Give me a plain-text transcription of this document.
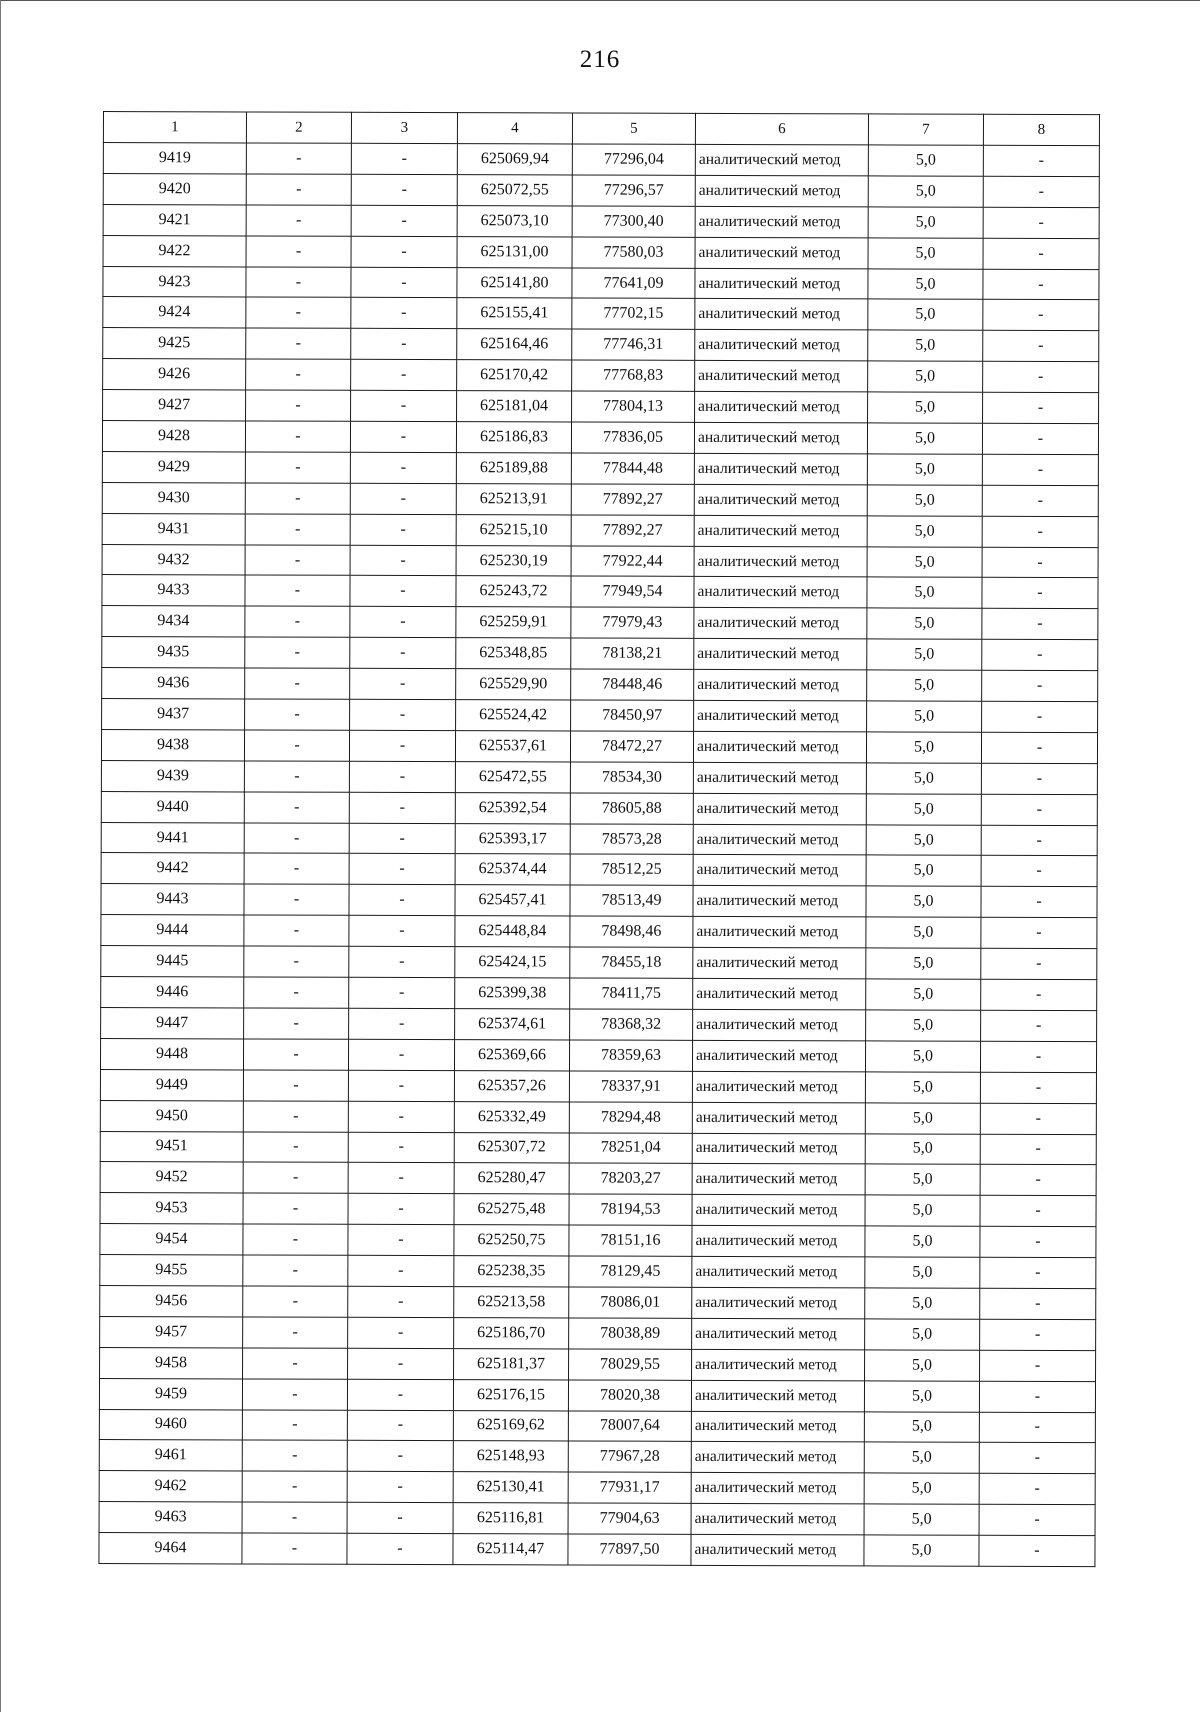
216
1	2	3	4	5	6	7	8
9419	-	-	625069,94	77296,04	аналитический метод	5,0	-
9420	-	-	625072,55	77296,57	аналитический метод	5,0	-
9421	-	-	625073,10	77300,40	аналитический метод	5,0	-
9422	-	-	625131,00	77580,03	аналитический метод	5,0	-
9423	-	-	625141,80	77641,09	аналитический метод	5,0	-
9424	-	-	625155,41	77702,15	аналитический метод	5,0	-
9425	-	-	625164,46	77746,31	аналитический метод	5,0	-
9426	-	-	625170,42	77768,83	аналитический метод	5,0	-
9427	-	-	625181,04	77804,13	аналитический метод	5,0	-
9428	-	-	625186,83	77836,05	аналитический метод	5,0	-
9429	-	-	625189,88	77844,48	аналитический метод	5,0	-
9430	-	-	625213,91	77892,27	аналитический метод	5,0	-
9431	-	-	625215,10	77892,27	аналитический метод	5,0	-
9432	-	-	625230,19	77922,44	аналитический метод	5,0	-
9433	-	-	625243,72	77949,54	аналитический метод	5,0	-
9434	-	-	625259,91	77979,43	аналитический метод	5,0	-
9435	-	-	625348,85	78138,21	аналитический метод	5,0	-
9436	-	-	625529,90	78448,46	аналитический метод	5,0	-
9437	-	-	625524,42	78450,97	аналитический метод	5,0	-
9438	-	-	625537,61	78472,27	аналитический метод	5,0	-
9439	-	-	625472,55	78534,30	аналитический метод	5,0	-
9440	-	-	625392,54	78605,88	аналитический метод	5,0	-
9441	-	-	625393,17	78573,28	аналитический метод	5,0	-
9442	-	-	625374,44	78512,25	аналитический метод	5,0	-
9443	-	-	625457,41	78513,49	аналитический метод	5,0	-
9444	-	-	625448,84	78498,46	аналитический метод	5,0	-
9445	-	-	625424,15	78455,18	аналитический метод	5,0	-
9446	-	-	625399,38	78411,75	аналитический метод	5,0	-
9447	-	-	625374,61	78368,32	аналитический метод	5,0	-
9448	-	-	625369,66	78359,63	аналитический метод	5,0	-
9449	-	-	625357,26	78337,91	аналитический метод	5,0	-
9450	-	-	625332,49	78294,48	аналитический метод	5,0	-
9451	-	-	625307,72	78251,04	аналитический метод	5,0	-
9452	-	-	625280,47	78203,27	аналитический метод	5,0	-
9453	-	-	625275,48	78194,53	аналитический метод	5,0	-
9454	-	-	625250,75	78151,16	аналитический метод	5,0	-
9455	-	-	625238,35	78129,45	аналитический метод	5,0	-
9456	-	-	625213,58	78086,01	аналитический метод	5,0	-
9457	-	-	625186,70	78038,89	аналитический метод	5,0	-
9458	-	-	625181,37	78029,55	аналитический метод	5,0	-
9459	-	-	625176,15	78020,38	аналитический метод	5,0	-
9460	-	-	625169,62	78007,64	аналитический метод	5,0	-
9461	-	-	625148,93	77967,28	аналитический метод	5,0	-
9462	-	-	625130,41	77931,17	аналитический метод	5,0	-
9463	-	-	625116,81	77904,63	аналитический метод	5,0	-
9464	-	-	625114,47	77897,50	аналитический метод	5,0	-
